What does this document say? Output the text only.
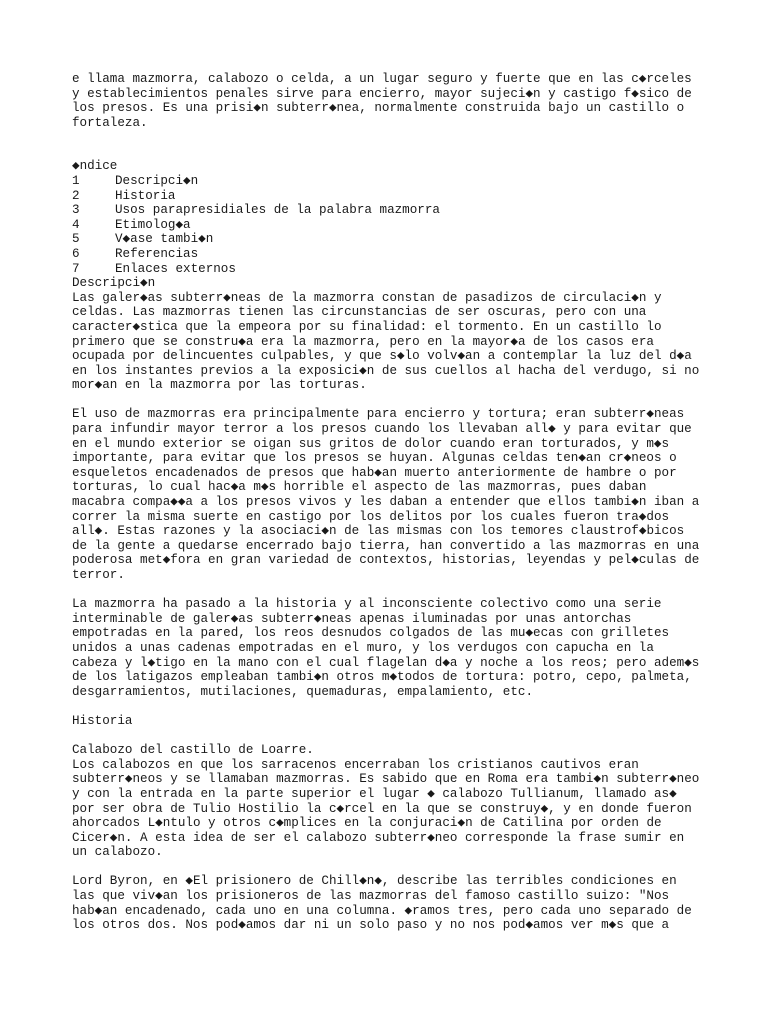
e llama mazmorra, calabozo o celda, a un lugar seguro y fuerte que en las c◆rceles
y establecimientos penales sirve para encierro, mayor sujeci◆n y castigo f◆sico de
los presos. Es una prisi◆n subterr◆nea, normalmente construida bajo un castillo o
fortaleza.

◆ndice
1	Descripci◆n
2	Historia
3	Usos parapresidiales de la palabra mazmorra
4	Etimolog◆a
5	V◆ase tambi◆n
6	Referencias
7	Enlaces externos
Descripci◆n

Las galer◆as subterr◆neas de la mazmorra constan de pasadizos de circulaci◆n y
celdas. Las mazmorras tienen las circunstancias de ser oscuras, pero con una
caracter◆stica que la empeora por su finalidad: el tormento. En un castillo lo
primero que se constru◆a era la mazmorra, pero en la mayor◆a de los casos era
ocupada por delincuentes culpables, y que s◆lo volv◆an a contemplar la luz del d◆a
en los instantes previos a la exposici◆n de sus cuellos al hacha del verdugo, si no
mor◆an en la mazmorra por las torturas.

El uso de mazmorras era principalmente para encierro y tortura; eran subterr◆neas
para infundir mayor terror a los presos cuando los llevaban all◆ y para evitar que
en el mundo exterior se oigan sus gritos de dolor cuando eran torturados, y m◆s
importante, para evitar que los presos se huyan. Algunas celdas ten◆an cr◆neos o
esqueletos encadenados de presos que hab◆an muerto anteriormente de hambre o por
torturas, lo cual hac◆a m◆s horrible el aspecto de las mazmorras, pues daban
macabra compa◆◆a a los presos vivos y les daban a entender que ellos tambi◆n iban a
correr la misma suerte en castigo por los delitos por los cuales fueron tra◆dos
all◆. Estas razones y la asociaci◆n de las mismas con los temores claustrof◆bicos
de la gente a quedarse encerrado bajo tierra, han convertido a las mazmorras en una
poderosa met◆fora en gran variedad de contextos, historias, leyendas y pel◆culas de
terror.

La mazmorra ha pasado a la historia y al inconsciente colectivo como una serie
interminable de galer◆as subterr◆neas apenas iluminadas por unas antorchas
empotradas en la pared, los reos desnudos colgados de las mu◆ecas con grilletes
unidos a unas cadenas empotradas en el muro, y los verdugos con capucha en la
cabeza y l◆tigo en la mano con el cual flagelan d◆a y noche a los reos; pero adem◆s
de los latigazos empleaban tambi◆n otros m◆todos de tortura: potro, cepo, palmeta,
desgarramientos, mutilaciones, quemaduras, empalamiento, etc.

Historia
Calabozo del castillo de Loarre.

Los calabozos en que los sarracenos encerraban los cristianos cautivos eran
subterr◆neos y se llamaban mazmorras. Es sabido que en Roma era tambi◆n subterr◆neo
y con la entrada en la parte superior el lugar ◆ calabozo Tullianum, llamado as◆
por ser obra de Tulio Hostilio la c◆rcel en la que se construy◆, y en donde fueron
ahorcados L◆ntulo y otros c◆mplices en la conjuraci◆n de Catilina por orden de
Cicer◆n. A esta idea de ser el calabozo subterr◆neo corresponde la frase sumir en
un calabozo.

Lord Byron, en ◆El prisionero de Chill◆n◆, describe las terribles condiciones en
las que viv◆an los prisioneros de las mazmorras del famoso castillo suizo: "Nos
hab◆an encadenado, cada uno en una columna. ◆ramos tres, pero cada uno separado de
los otros dos. Nos pod◆amos dar ni un solo paso y no nos pod◆amos ver m◆s que a
